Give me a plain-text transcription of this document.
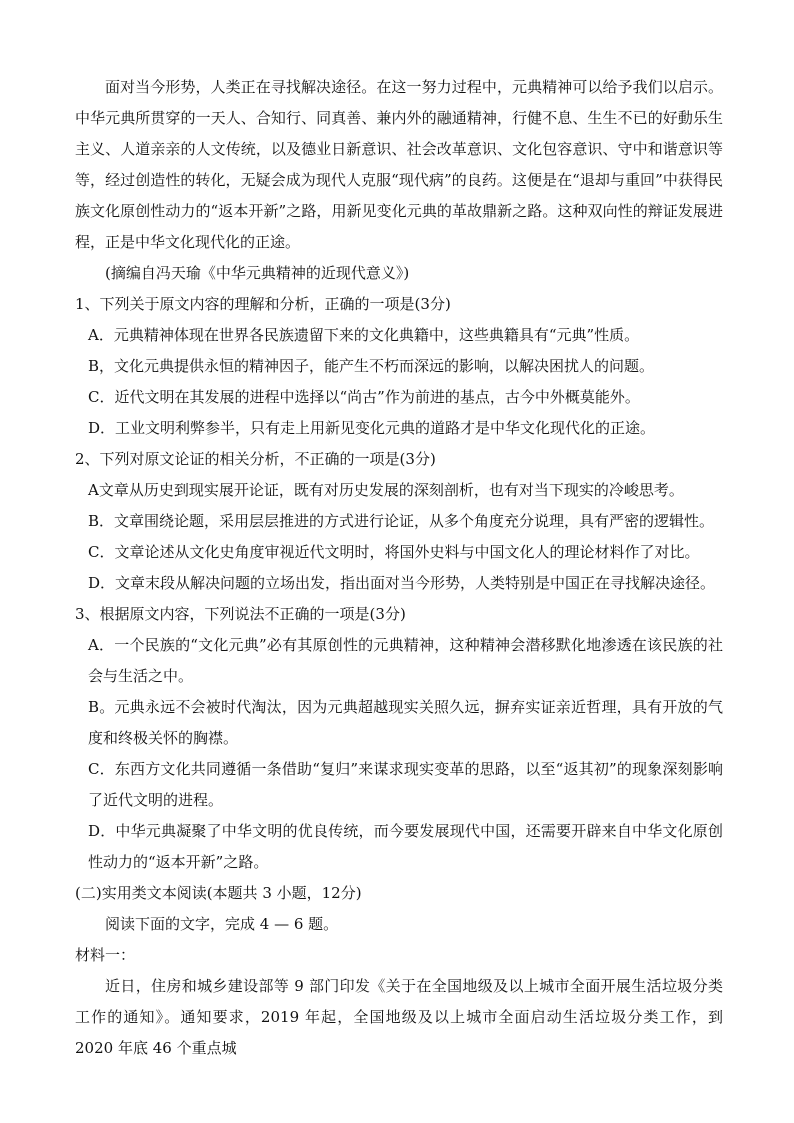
面对当今形势，人类正在寻找解决途径。在这一努力过程中，元典精神可以给予我们以启示。中华元典所贯穿的一天人、合知行、同真善、兼内外的融通精神，行健不息、生生不已的好動乐生主义、人道亲亲的人文传统，以及德业日新意识、社会改革意识、文化包容意识、守中和谐意识等等，经过创造性的转化，无疑会成为现代人克服“现代病”的良药。这便是在“退却与重回”中获得民族文化原创性动力的“返本开新”之路，用新见变化元典的革故鼎新之路。这种双向性的辩证发展进程，正是中华文化现代化的正途。

(摘编自冯天瑜《中华元典精神的近现代意义》)

1、下列关于原文内容的理解和分析，正确的一项是(3分)

A．元典精神体现在世界各民族遗留下来的文化典籍中，这些典籍具有“元典”性质。

B，文化元典提供永恒的精神因子，能产生不朽而深远的影响，以解决困扰人的问题。

C．近代文明在其发展的进程中选择以“尚古”作为前进的基点，古今中外概莫能外。

D．工业文明利弊参半，只有走上用新见变化元典的道路才是中华文化现代化的正途。

2、下列对原文论证的相关分析，不正确的一项是(3分)

A文章从历史到现实展开论证，既有对历史发展的深刻剖析，也有对当下现实的冷峻思考。

B．文章围绕论题，采用层层推进的方式进行论证，从多个角度充分说理，具有严密的逻辑性。

C．文章论述从文化史角度审视近代文明时，将国外史料与中国文化人的理论材料作了对比。

D．文章末段从解决问题的立场出发，指出面对当今形势，人类特别是中国正在寻找解决途径。

3、根据原文内容，下列说法不正确的一项是(3分)

A．一个民族的“文化元典”必有其原创性的元典精神，这种精神会潜移默化地渗透在该民族的社会与生活之中。

B。元典永远不会被时代淘汰，因为元典超越现实关照久远，摒弃实证亲近哲理，具有开放的气度和终极关怀的胸襟。

C．东西方文化共同遵循一条借助“复归”来谋求现实变革的思路，以至“返其初”的现象深刻影响了近代文明的进程。

D．中华元典凝聚了中华文明的优良传统，而今要发展现代中国，还需要开辟来自中华文化原创性动力的“返本开新”之路。

(二)实用类文本阅读(本题共 3 小题，12分)

阅读下面的文字，完成 4 — 6 题。

材料一：

近日，住房和城乡建设部等 9 部门印发《关于在全国地级及以上城市全面开展生活垃圾分类工作的通知》。通知要求，2019 年起，全国地级及以上城市全面启动生活垃圾分类工作，到 2020 年底 46 个重点城
